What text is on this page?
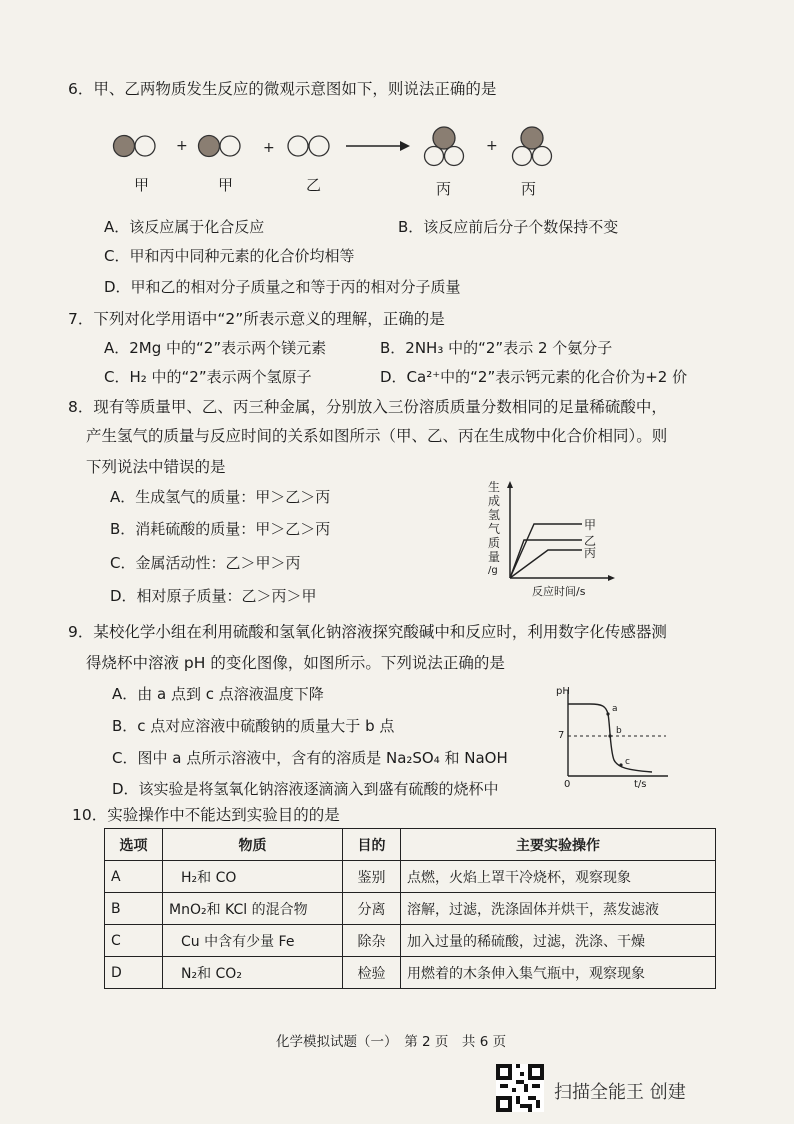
6．甲、乙两物质发生反应的微观示意图如下，则说法正确的是
+	+	+
甲	甲	乙	丙	丙
A．该反应属于化合反应	B．该反应前后分子个数保持不变
C．甲和丙中同种元素的化合价均相等
D．甲和乙的相对分子质量之和等于丙的相对分子质量
7．下列对化学用语中“2”所表示意义的理解，正确的是
A．2Mg 中的“2”表示两个镁元素	B．2NH₃ 中的“2”表示 2 个氨分子
C．H₂ 中的“2”表示两个氢原子	D．Ca²⁺中的“2”表示钙元素的化合价为+2 价
8．现有等质量甲、乙、丙三种金属，分别放入三份溶质质量分数相同的足量稀硫酸中，
产生氢气的质量与反应时间的关系如图所示（甲、乙、丙在生成物中化合价相同）。则
下列说法中错误的是
A．生成氢气的质量：甲＞乙＞丙
B．消耗硫酸的质量：甲＞乙＞丙
C．金属活动性：乙＞甲＞丙
D．相对原子质量：乙＞丙＞甲
生
成
氢
气
质
量
/g
甲
乙
丙
反应时间/s
9．某校化学小组在利用硫酸和氢氧化钠溶液探究酸碱中和反应时，利用数字化传感器测
得烧杯中溶液 pH 的变化图像，如图所示。下列说法正确的是
A．由 a 点到 c 点溶液温度下降
B．c 点对应溶液中硫酸钠的质量大于 b 点
C．图中 a 点所示溶液中，含有的溶质是 Na₂SO₄ 和 NaOH
D．该实验是将氢氧化钠溶液逐滴滴入到盛有硫酸的烧杯中
pH
7
a
b
c
0	t/s
10．实验操作中不能达到实验目的的是
选项	物质	目的	主要实验操作
A	H₂和 CO	鉴别	点燃，火焰上罩干冷烧杯，观察现象
B	MnO₂和 KCl 的混合物	分离	溶解，过滤，洗涤固体并烘干，蒸发滤液
C	Cu 中含有少量 Fe	除杂	加入过量的稀硫酸，过滤，洗涤、干燥
D	N₂和 CO₂	检验	用燃着的木条伸入集气瓶中，观察现象
化学模拟试题（一）　第 2 页　共 6 页
扫描全能王 创建
